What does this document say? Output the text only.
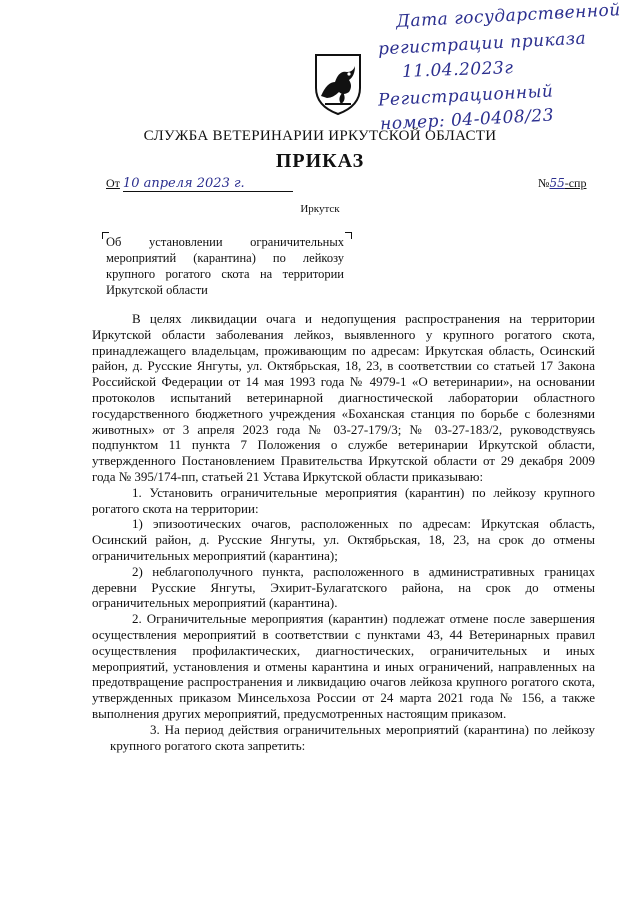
Дата государственной
регистрации приказа
11.04.2023г
Регистрационный
номер: 04-0408/23
СЛУЖБА ВЕТЕРИНАРИИ ИРКУТСКОЙ ОБЛАСТИ
ПРИКАЗ
От 10 апреля 2023 г.	№55-спр
Иркутск
Об установлении ограничительных мероприятий (карантина) по лейкозу крупного рогатого скота на территории Иркутской области

В целях ликвидации очага и недопущения распространения на территории Иркутской области заболевания лейкоз, выявленного у крупного рогатого скота, принадлежащего владельцам, проживающим по адресам: Иркутская область, Осинский район, д. Русские Янгуты, ул. Октябрьская, 18, 23, в соответствии со статьей 17 Закона Российской Федерации от 14 мая 1993 года № 4979-1 «О ветеринарии», на основании протоколов испытаний ветеринарной диагностической лаборатории областного государственного бюджетного учреждения «Боханская станция по борьбе с болезнями животных» от 3 апреля 2023 года № 03-27-179/3; № 03-27-183/2, руководствуясь подпунктом 11 пункта 7 Положения о службе ветеринарии Иркутской области, утвержденного Постановлением Правительства Иркутской области от 29 декабря 2009 года № 395/174-пп, статьей 21 Устава Иркутской области приказываю:

1. Установить ограничительные мероприятия (карантин) по лейкозу крупного рогатого скота на территории:

1) эпизоотических очагов, расположенных по адресам: Иркутская область, Осинский район, д. Русские Янгуты, ул. Октябрьская, 18, 23, на срок до отмены ограничительных мероприятий (карантина);

2) неблагополучного пункта, расположенного в административных границах деревни Русские Янгуты, Эхирит-Булагатского района, на срок до отмены ограничительных мероприятий (карантина).

2. Ограничительные мероприятия (карантин) подлежат отмене после завершения осуществления мероприятий в соответствии с пунктами 43, 44 Ветеринарных правил осуществления профилактических, диагностических, ограничительных и иных мероприятий, установления и отмены карантина и иных ограничений, направленных на предотвращение распространения и ликвидацию очагов лейкоза крупного рогатого скота, утвержденных приказом Минсельхоза России от 24 марта 2021 года № 156, а также выполнения других мероприятий, предусмотренных настоящим приказом.

3. На период действия ограничительных мероприятий (карантина) по лейкозу крупного рогатого скота запретить:
